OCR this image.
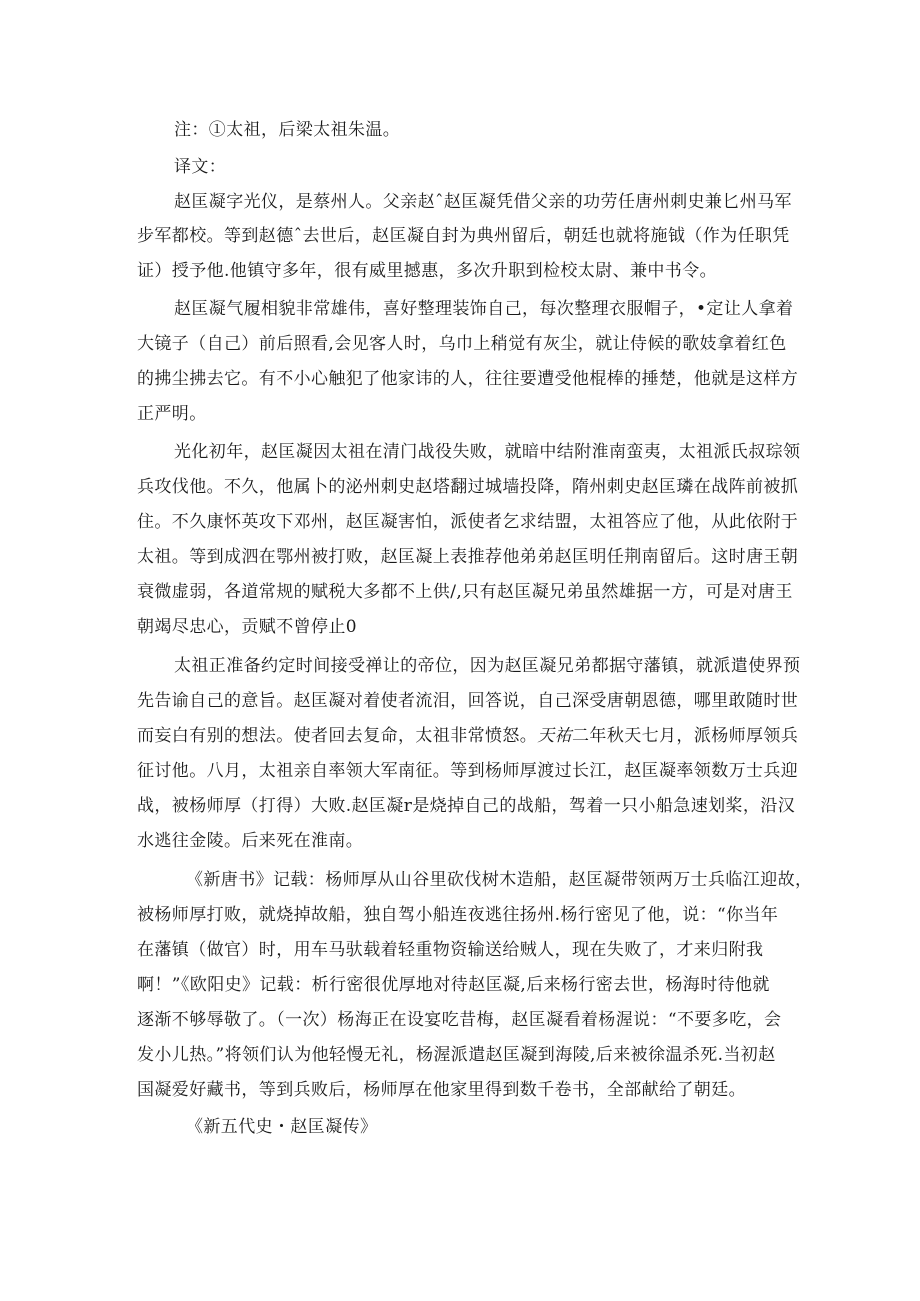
注：①太祖，后梁太祖朱温。
译文：
赵匡凝字光仪，是蔡州人。父亲赵ˆ赵匡凝凭借父亲的功劳任唐州刺史兼匕州马军
步军都校。等到赵德ˆ去世后，赵匡凝自封为典州留后，朝廷也就将施钺（作为任职凭
证）授予他.他镇守多年，很有威里撼惠，多次升职到检校太尉、兼中书令。
赵匡凝气履相貌非常雄伟，喜好整理装饰自己，每次整理衣服帽子，•定让人拿着
大镜子（自己）前后照看,会见客人时，乌巾上稍觉有灰尘，就让侍候的歌妓拿着红色
的拂尘拂去它。有不小心触犯了他家讳的人，往往要遭受他棍棒的捶楚，他就是这样方
正严明。
光化初年，赵匡凝因太祖在清门战役失败，就暗中结附淮南蛮夷，太祖派氏叔琮领
兵攻伐他。不久，他属卜的泌州刺史赵塔翻过城墙投降，隋州刺史赵匡璘在战阵前被抓
住。不久康怀英攻下邓州，赵匡凝害怕，派使者乞求结盟，太祖答应了他，从此依附于
太祖。等到成泗在鄂州被打败，赵匡凝上表推荐他弟弟赵匡明任荆南留后。这时唐王朝
衰微虚弱，各道常规的赋税大多都不上供/,只有赵匡凝兄弟虽然雄据一方，可是对唐王
朝竭尽忠心，贡赋不曾停止0
太祖正准备约定时间接受禅让的帝位，因为赵匡凝兄弟都据守藩镇，就派遣使界预
先告谕自己的意旨。赵匡凝对着使者流泪，回答说，自己深受唐朝恩德，哪里敢随时世
而妄白有别的想法。使者回去复命，太祖非常愤怒。天祐二年秋天七月，派杨师厚领兵
征讨他。八月，太祖亲自率领大军南征。等到杨师厚渡过长江，赵匡凝率领数万士兵迎
战，被杨师厚（打得）大败.赵匡凝r是烧掉自己的战船，驾着一只小船急速划桨，沿汉
水逃往金陵。后来死在淮南。
《新唐书》记载：杨师厚从山谷里砍伐树木造船，赵匡凝带领两万士兵临江迎故，
被杨师厚打败，就烧掉故船，独自驾小船连夜逃往扬州.杨行密见了他，说：“你当年
在藩镇（做官）时，用车马驮载着轻重物资输送给贼人，现在失败了，才来归附我
啊！”《欧阳史》记载：析行密很优厚地对待赵匡凝,后来杨行密去世，杨海时待他就
逐渐不够辱敬了。（一次）杨海正在设宴吃昔梅，赵匡凝看着杨渥说：“不要多吃，会
发小儿热。”将领们认为他轻慢无礼，杨渥派遣赵匡凝到海陵,后来被徐温杀死.当初赵
国凝爱好藏书，等到兵败后，杨师厚在他家里得到数千卷书，全部献给了朝廷。
《新五代史・赵匡凝传》
